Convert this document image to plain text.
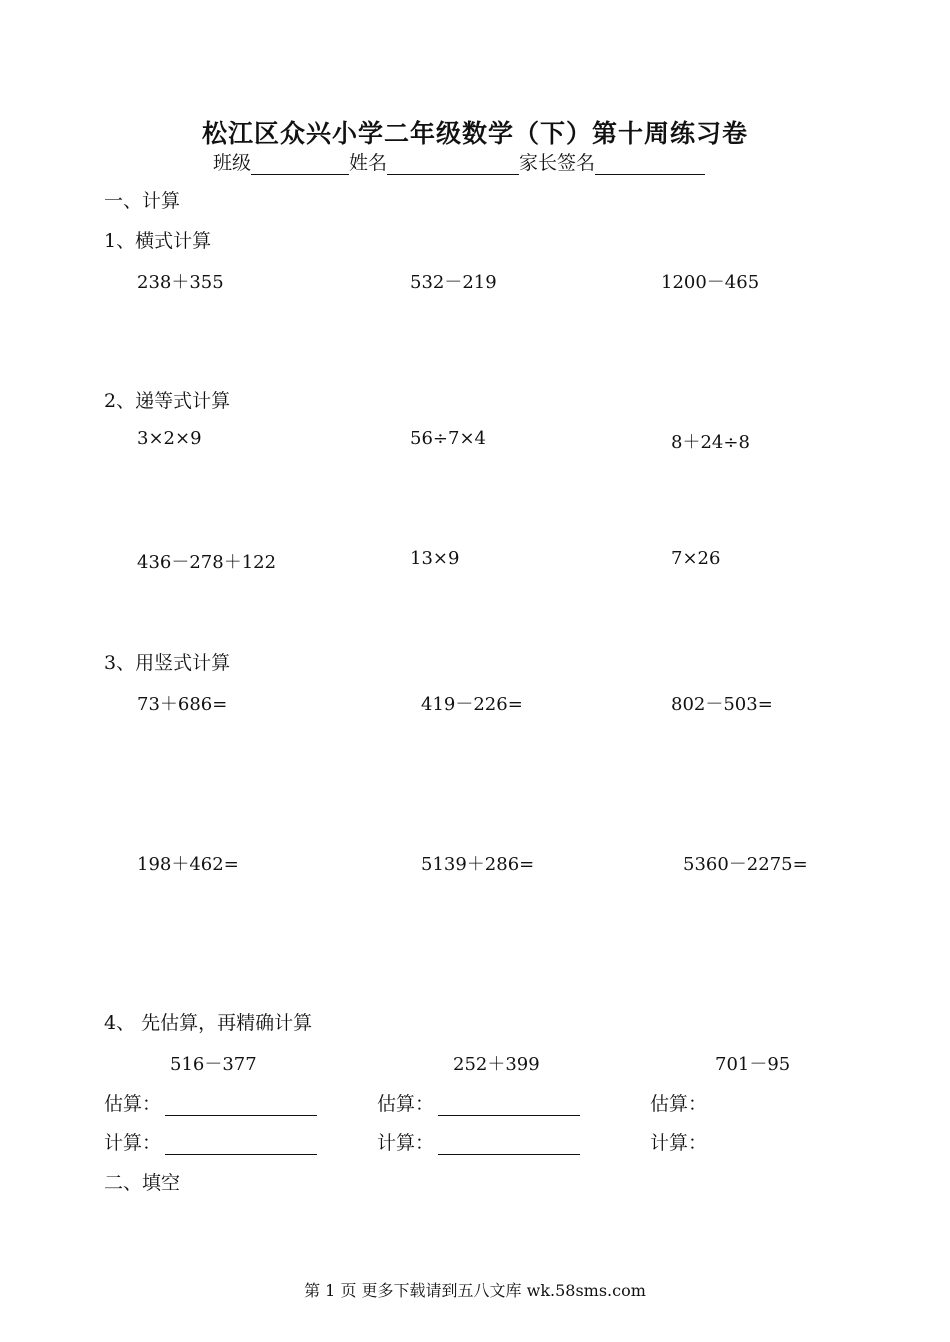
松江区众兴小学二年级数学（下）第十周练习卷
班级	姓名	家长签名
一、计算
1、横式计算
238＋355	532－219	1200－465
2、递等式计算
3×2×9	56÷7×4	8＋24÷8
436－278＋122	13×9	7×26
3、用竖式计算
73＋686=	419－226=	802－503=
198＋462=	5139＋286=	5360－2275=
4、 先估算，再精确计算
516－377	252＋399	701－95
估算：	估算：	估算：
计算：	计算：	计算：
二、填空
第 1 页 更多下载请到五八文库 wk.58sms.com
